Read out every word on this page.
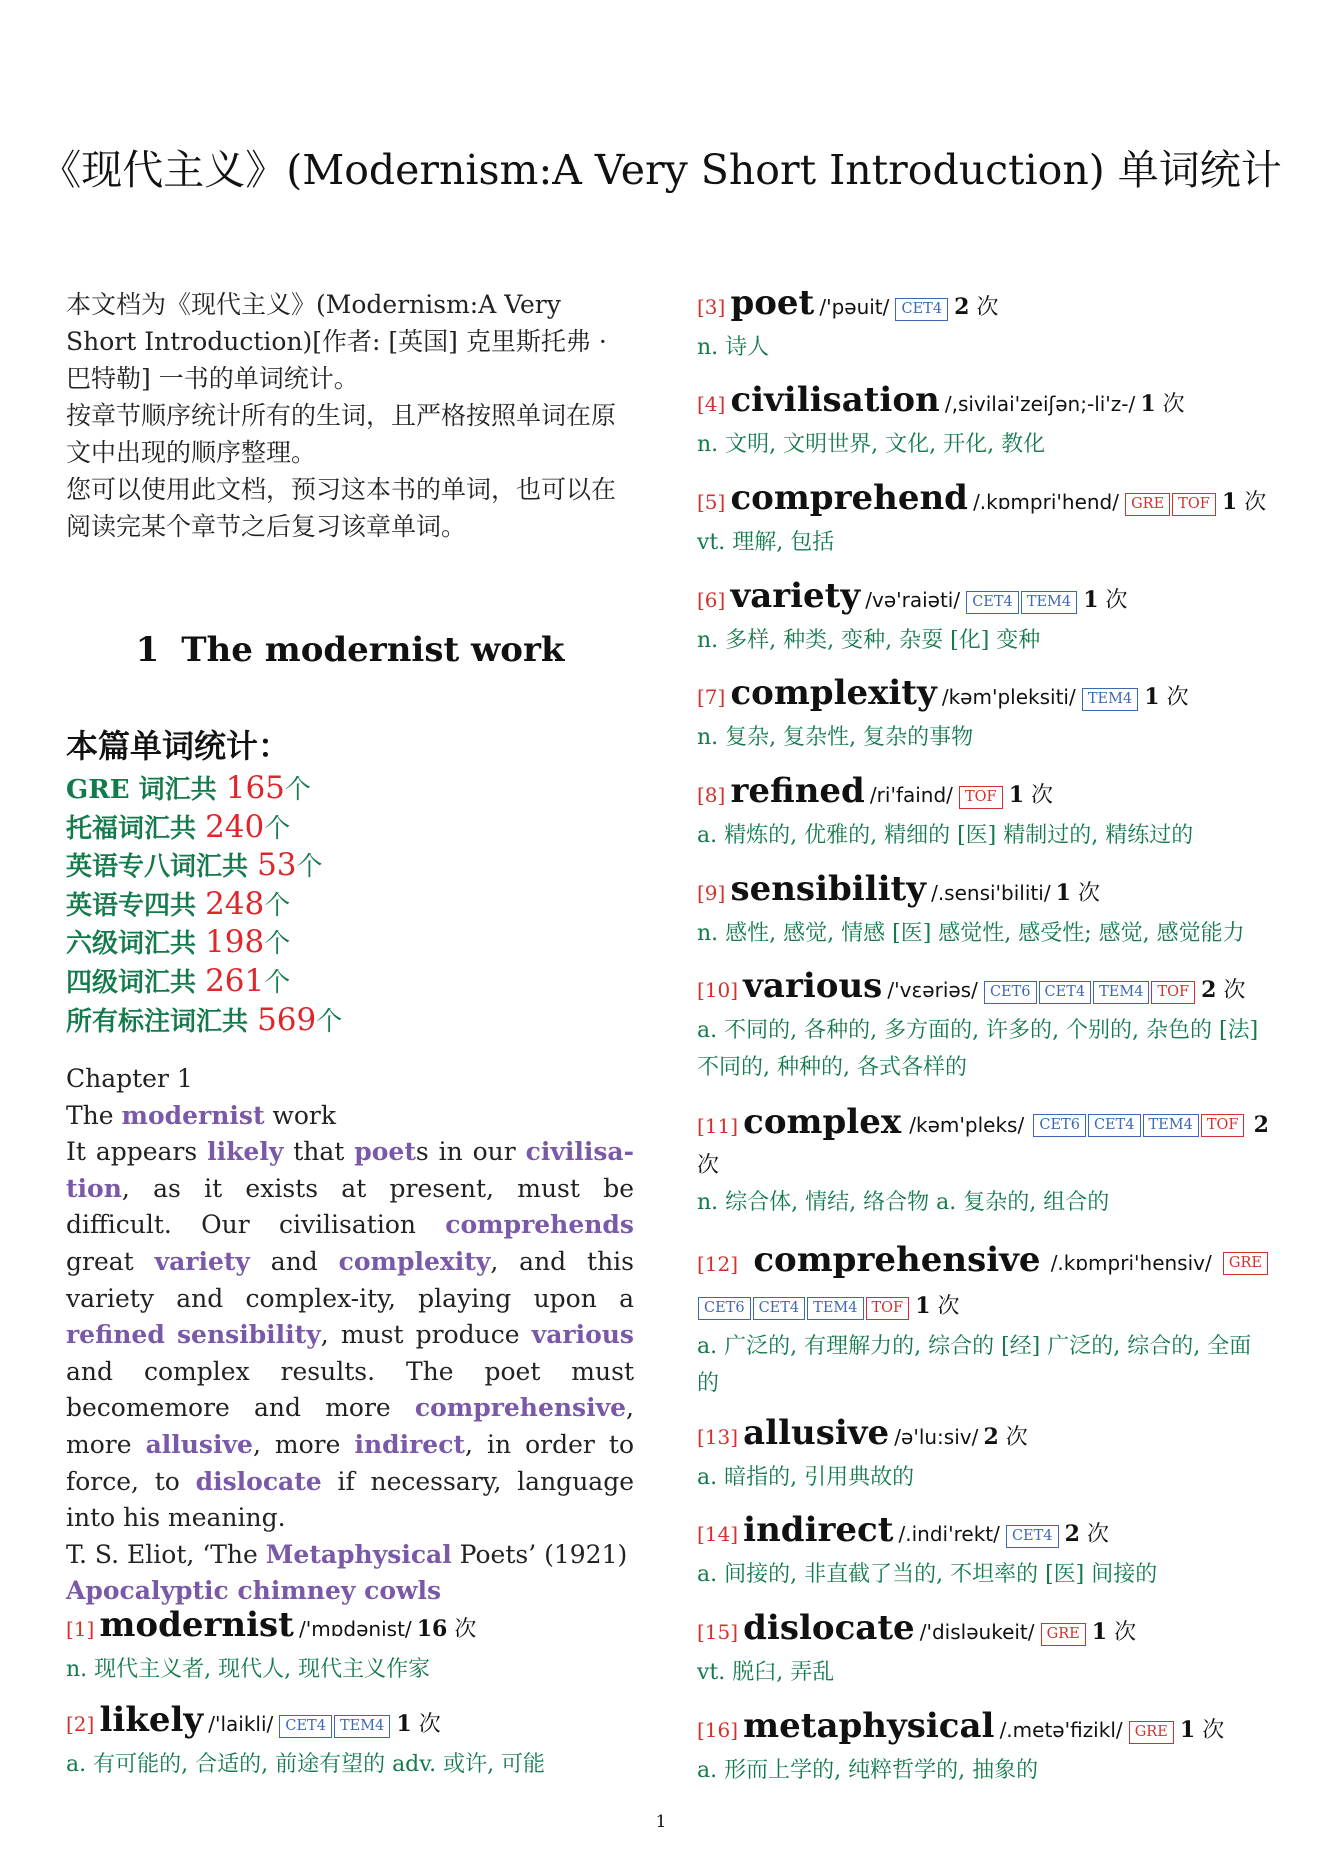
《现代主义》(Modernism:A Very Short Introduction) 单词统计

本文档为《现代主义》(Modernism:A Very Short Introduction)[作者: [英国] 克里斯托弗 · 巴特勒] 一书的单词统计。

按章节顺序统计所有的生词，且严格按照单词在原文中出现的顺序整理。

您可以使用此文档，预习这本书的单词，也可以在阅读完某个章节之后复习该章单词。

1 The modernist work
本篇单词统计：
GRE 词汇共 165个
托福词汇共 240个
英语专八词汇共 53个
英语专四共 248个
六级词汇共 198个
四级词汇共 261个
所有标注词汇共 569个

Chapter 1

The modernist work

It appears likely that poets in our civilisa-tion, as it exists at present, must be difficult. Our civilisation comprehends great variety and complexity, and this variety and complex-ity, playing upon a refined sensibility, must produce various and complex results. The poet must becomemore and more comprehensive, more allusive, more indirect, in order to force, to dislocate if necessary, language into his meaning.

T. S. Eliot, ‘The Metaphysical Poets’ (1921)

Apocalyptic chimney cowls

[1] modernist /'mɒdənist/ 16 次
n. 现代主义者, 现代人, 现代主义作家
[2] likely /'laikli/ CET4 TEM4 1 次
a. 有可能的, 合适的, 前途有望的 adv. 或许, 可能
[3] poet /'pəuit/ CET4 2 次
n. 诗人
[4] civilisation /,sivilai'zeiʃən;-li'z-/ 1 次
n. 文明, 文明世界, 文化, 开化, 教化
[5] comprehend /.kɒmpri'hend/ GRE TOF 1 次
vt. 理解, 包括
[6] variety /və'raiəti/ CET4 TEM4 1 次
n. 多样, 种类, 变种, 杂耍 [化] 变种
[7] complexity /kəm'pleksiti/ TEM4 1 次
n. 复杂, 复杂性, 复杂的事物
[8] refined /ri'faind/ TOF 1 次
a. 精炼的, 优雅的, 精细的 [医] 精制过的, 精练过的
[9] sensibility /.sensi'biliti/ 1 次
n. 感性, 感觉, 情感 [医] 感觉性, 感受性; 感觉, 感觉能力
[10] various /'vεəriəs/ CET6 CET4 TEM4 TOF 2 次
a. 不同的, 各种的, 多方面的, 许多的, 个别的, 杂色的 [法] 不同的, 种种的, 各式各样的
[11] complex /kəm'pleks/	CET6 CET4 TEM4 TOF 2
次
n. 综合体, 情结, 络合物 a. 复杂的, 组合的
[12] comprehensive /.kɒmpri'hensiv/	GRE
CET6 CET4 TEM4 TOF 1 次
a. 广泛的, 有理解力的, 综合的 [经] 广泛的, 综合的, 全面的
[13] allusive /ə'lu:siv/ 2 次
a. 暗指的, 引用典故的
[14] indirect /.indi'rekt/ CET4 2 次
a. 间接的, 非直截了当的, 不坦率的 [医] 间接的
[15] dislocate /'disləukeit/ GRE 1 次
vt. 脱臼, 弄乱
[16] metaphysical /.metə'fizikl/ GRE 1 次
a. 形而上学的, 纯粹哲学的, 抽象的
1
